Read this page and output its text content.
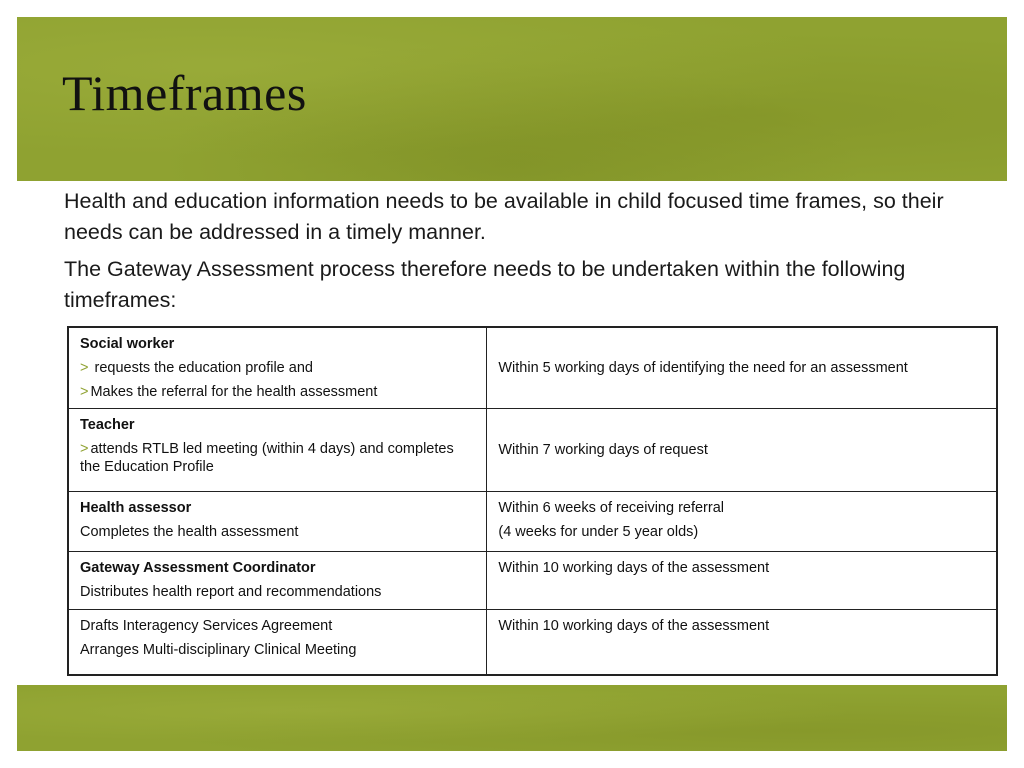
Timeframes

Health and education information needs to be available in child focused time frames, so their needs can be addressed in a timely manner.

The Gateway Assessment process therefore needs to be undertaken within the following timeframes:

Social worker
> requests the education profile and
> Makes the referral for the health assessment	Within 5 working days of identifying the need for an assessment

Teacher
> attends RTLB led meeting (within 4 days) and completes the Education Profile	Within 7 working days of request

Health assessor
Completes the health assessment	Within 6 weeks of receiving referral
(4 weeks for under 5 year olds)

Gateway Assessment Coordinator
Distributes health report and recommendations	Within 10 working days of the assessment

Drafts Interagency Services Agreement
Arranges Multi-disciplinary Clinical Meeting	Within 10 working days of the assessment
